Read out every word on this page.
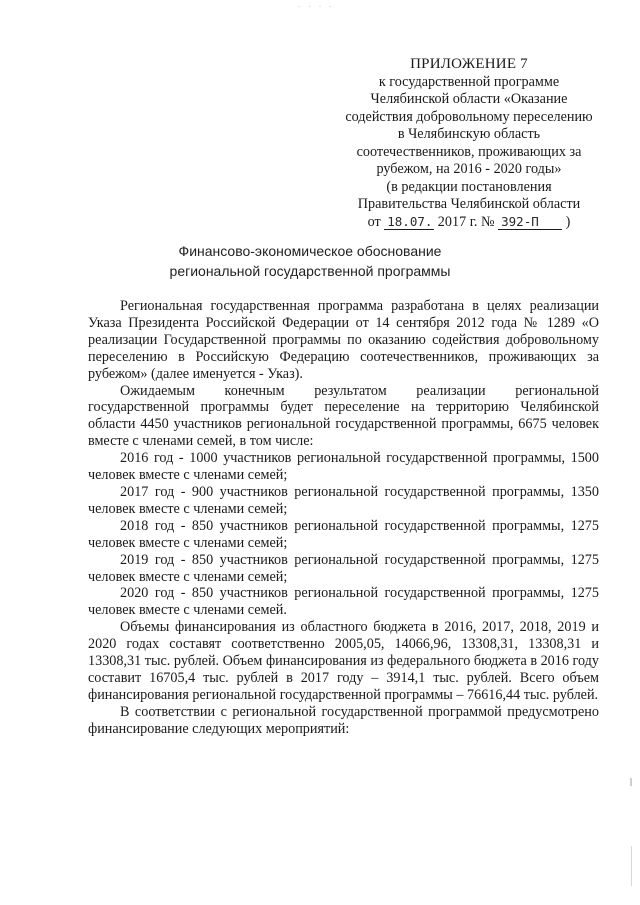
· · · ·
ПРИЛОЖЕНИЕ 7
к государственной программе
Челябинской области «Оказание
содействия добровольному переселению
в Челябинскую область
соотечественников, проживающих за
рубежом, на 2016 - 2020 годы»
(в редакции постановления
Правительства Челябинской области
от 18.07. 2017 г. № 392-П )
Финансово-экономическое обоснование
региональной государственной программы

Региональная государственная программа разработана в целях реализации Указа Президента Российской Федерации от 14 сентября 2012 года № 1289 «О реализации Государственной программы по оказанию содействия добровольному переселению в Российскую Федерацию соотечественников, проживающих за рубежом» (далее именуется - Указ).

Ожидаемым конечным результатом реализации региональной государственной программы будет переселение на территорию Челябинской области 4450 участников региональной государственной программы, 6675 человек вместе с членами семей, в том числе:

2016 год - 1000 участников региональной государственной программы, 1500 человек вместе с членами семей;

2017 год - 900 участников региональной государственной программы, 1350 человек вместе с членами семей;

2018 год - 850 участников региональной государственной программы, 1275 человек вместе с членами семей;

2019 год - 850 участников региональной государственной программы, 1275 человек вместе с членами семей;

2020 год - 850 участников региональной государственной программы, 1275 человек вместе с членами семей.

Объемы финансирования из областного бюджета в 2016, 2017, 2018, 2019 и 2020 годах составят соответственно 2005,05, 14066,96, 13308,31, 13308,31 и 13308,31 тыс. рублей. Объем финансирования из федерального бюджета в 2016 году составит 16705,4 тыс. рублей в 2017 году – 3914,1 тыс. рублей. Всего объем финансирования региональной государственной программы – 76616,44 тыс. рублей.

В соответствии с региональной государственной программой предусмотрено финансирование следующих мероприятий:
